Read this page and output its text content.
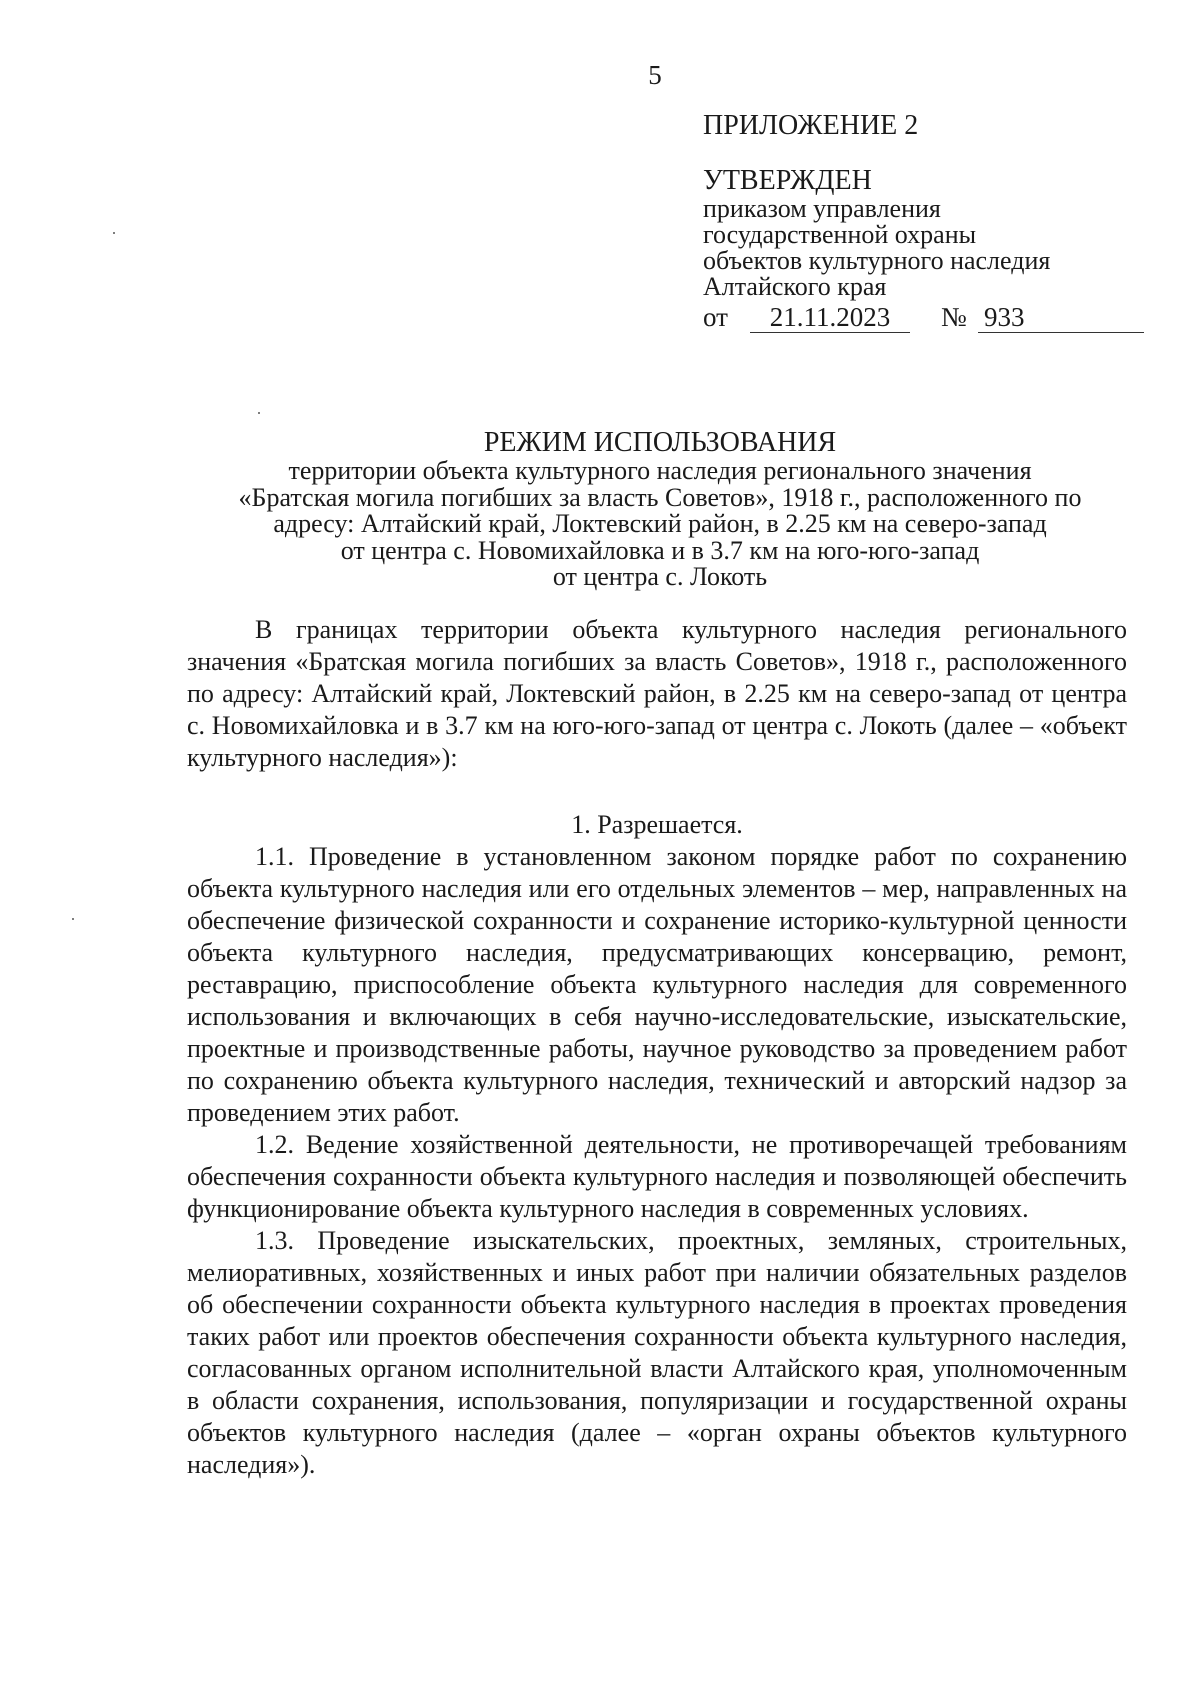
5
ПРИЛОЖЕНИЕ 2
УТВЕРЖДЕН
приказом управления
государственной охраны
объектов культурного наследия
Алтайского края
от	21.11.2023	№ 933
РЕЖИМ ИСПОЛЬЗОВАНИЯ
территории объекта культурного наследия регионального значения
«Братская могила погибших за власть Советов», 1918 г., расположенного по
адресу: Алтайский край, Локтевский район, в 2.25 км на северо-запад
от центра с. Новомихайловка и в 3.7 км на юго-юго-запад
от центра с. Локоть

В границах территории объекта культурного наследия регионального значения «Братская могила погибших за власть Советов», 1918 г., расположенного по адресу: Алтайский край, Локтевский район, в 2.25 км на северо-запад от центра с. Новомихайловка и в 3.7 км на юго-юго-запад от центра с. Локоть (далее – «объект культурного наследия»):

1. Разрешается.

1.1. Проведение в установленном законом порядке работ по сохранению объекта культурного наследия или его отдельных элементов – мер, направленных на обеспечение физической сохранности и сохранение историко-культурной ценности объекта культурного наследия, предусматривающих консервацию, ремонт, реставрацию, приспособление объекта культурного наследия для современного использования и включающих в себя научно-исследовательские, изыскательские, проектные и производственные работы, научное руководство за проведением работ по сохранению объекта культурного наследия, технический и авторский надзор за проведением этих работ.

1.2. Ведение хозяйственной деятельности, не противоречащей требованиям обеспечения сохранности объекта культурного наследия и позволяющей обеспечить функционирование объекта культурного наследия в современных условиях.

1.3. Проведение изыскательских, проектных, земляных, строительных, мелиоративных, хозяйственных и иных работ при наличии обязательных разделов об обеспечении сохранности объекта культурного наследия в проектах проведения таких работ или проектов обеспечения сохранности объекта культурного наследия, согласованных органом исполнительной власти Алтайского края, уполномоченным в области сохранения, использования, популяризации и государственной охраны объектов культурного наследия (далее – «орган охраны объектов культурного наследия»).
